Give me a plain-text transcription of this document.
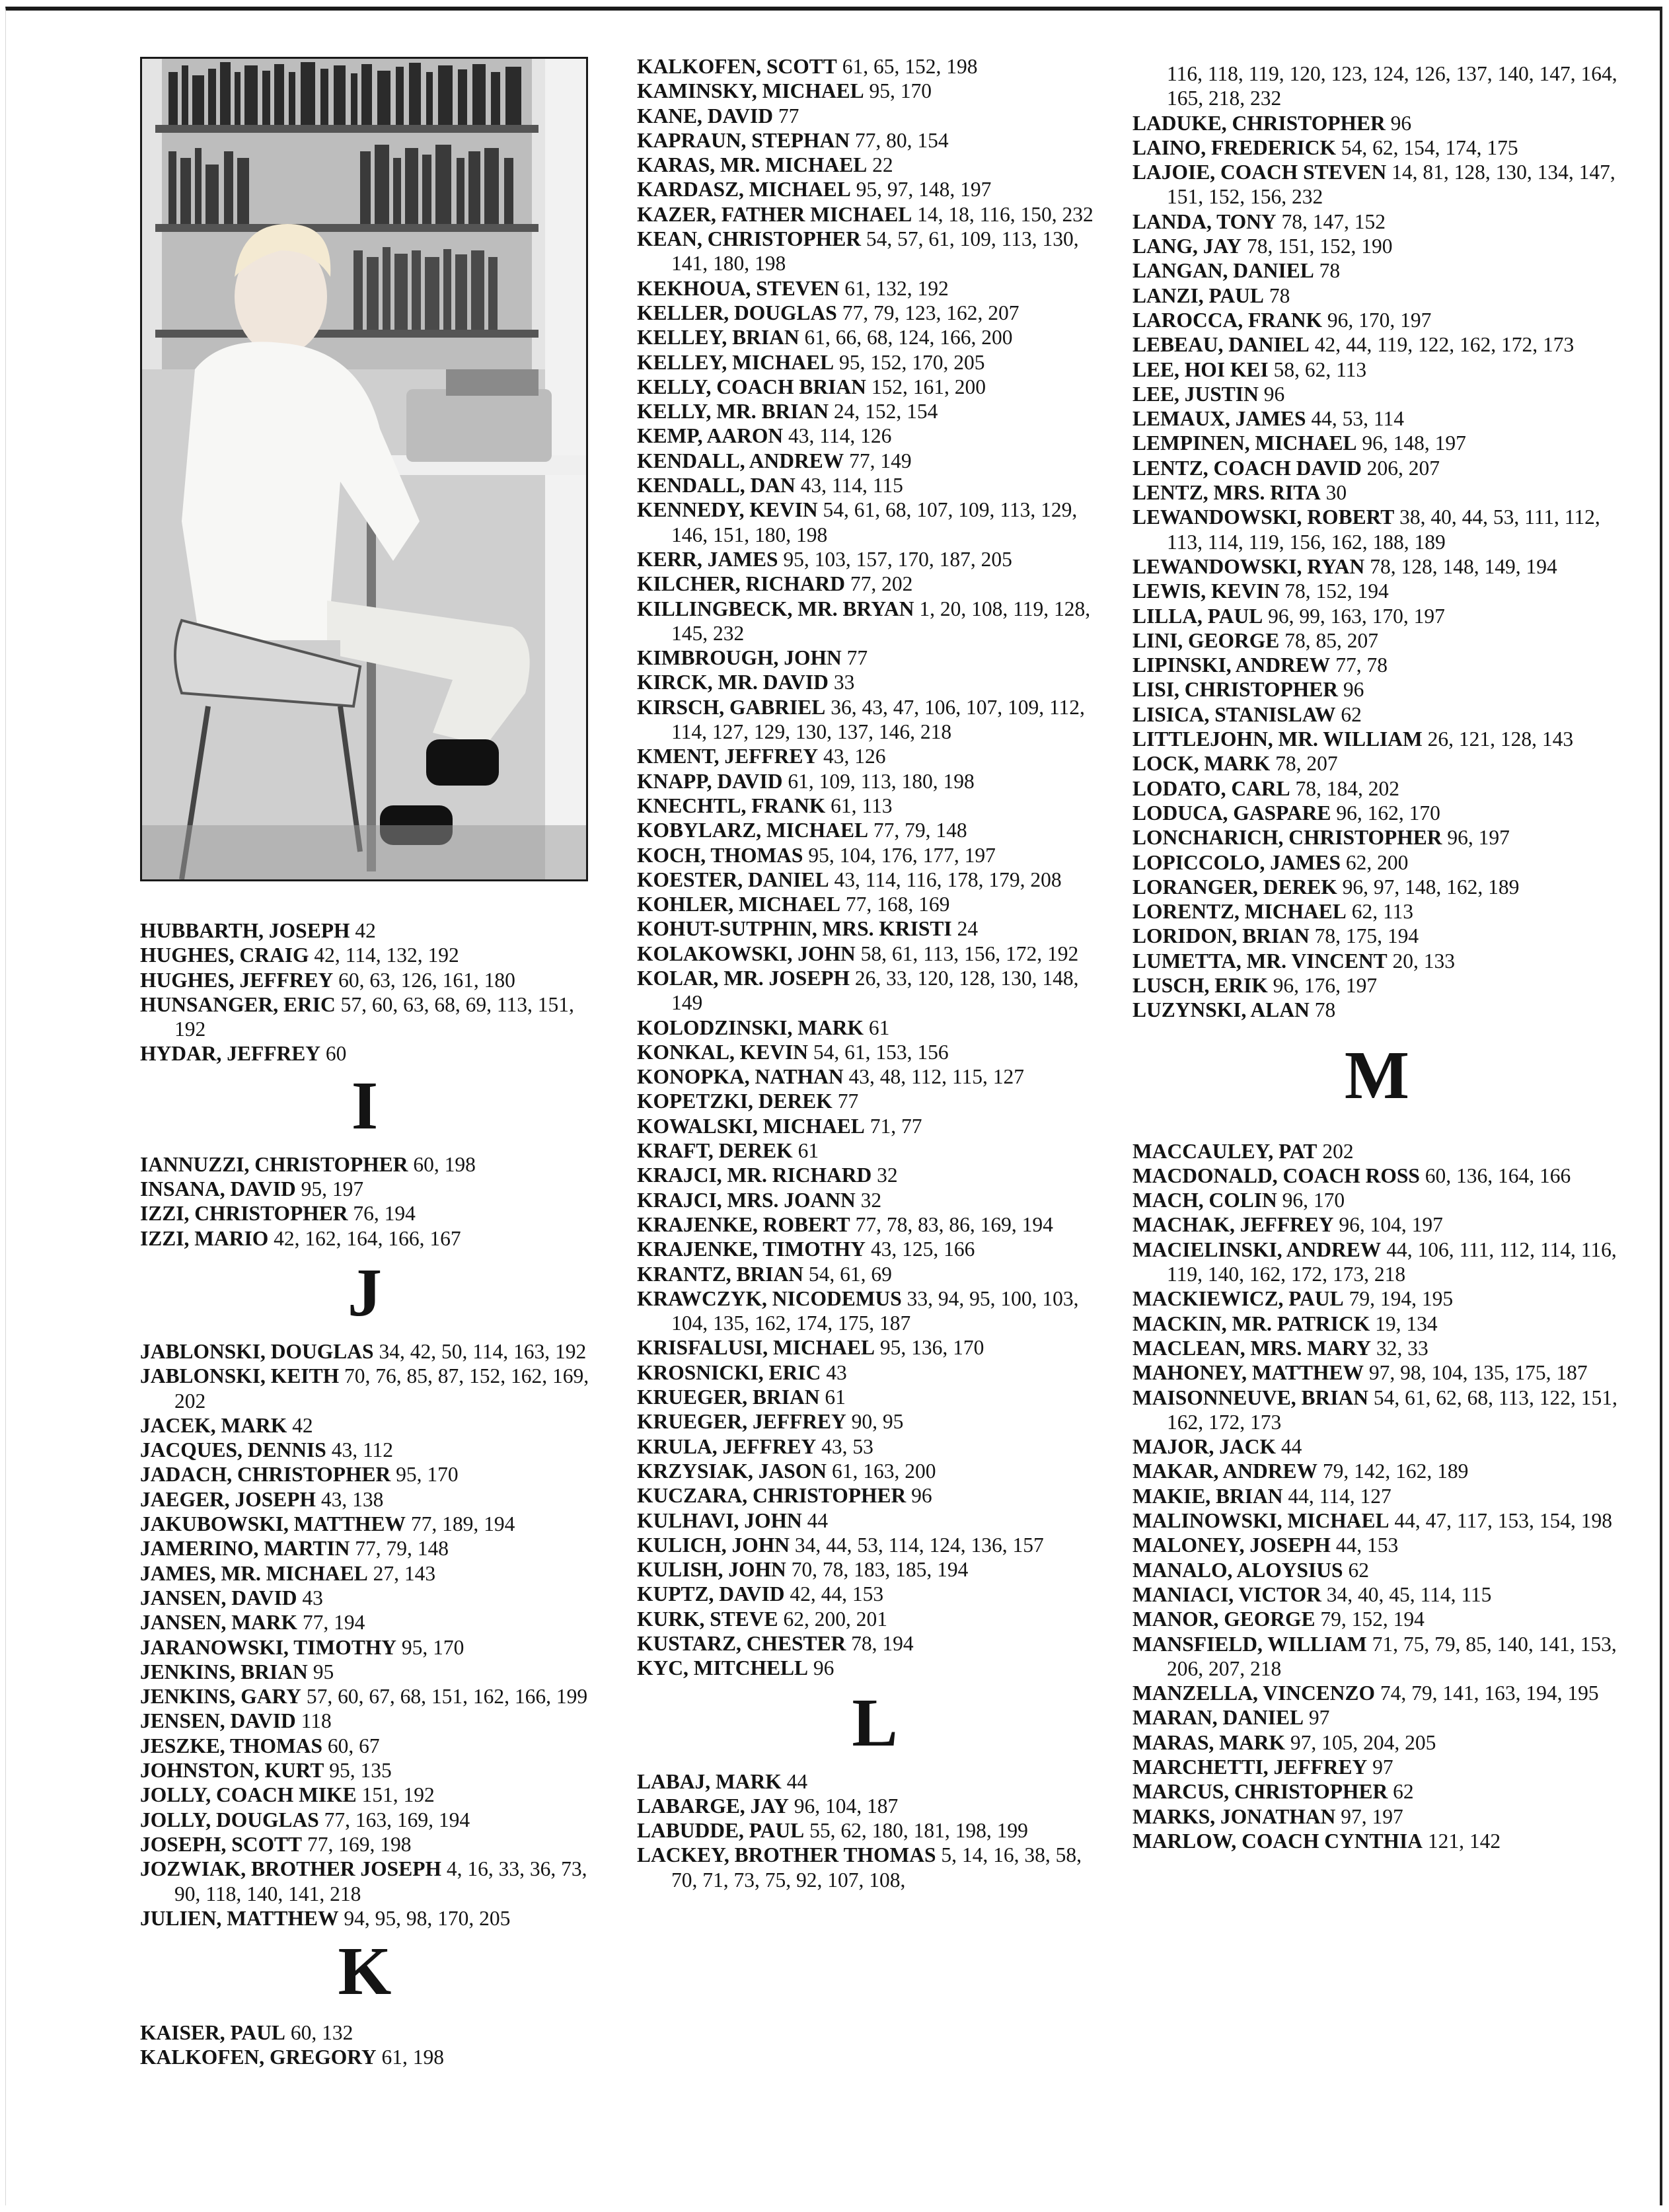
HUBBARTH, JOSEPH 42
HUGHES, CRAIG 42, 114, 132, 192
HUGHES, JEFFREY 60, 63, 126, 161, 180
HUNSANGER, ERIC 57, 60, 63, 68, 69, 113, 151, 192
HYDAR, JEFFREY 60
I
IANNUZZI, CHRISTOPHER 60, 198
INSANA, DAVID 95, 197
IZZI, CHRISTOPHER 76, 194
IZZI, MARIO 42, 162, 164, 166, 167
J
JABLONSKI, DOUGLAS 34, 42, 50, 114, 163, 192
JABLONSKI, KEITH 70, 76, 85, 87, 152, 162, 169, 202
JACEK, MARK 42
JACQUES, DENNIS 43, 112
JADACH, CHRISTOPHER 95, 170
JAEGER, JOSEPH 43, 138
JAKUBOWSKI, MATTHEW 77, 189, 194
JAMERINO, MARTIN 77, 79, 148
JAMES, MR. MICHAEL 27, 143
JANSEN, DAVID 43
JANSEN, MARK 77, 194
JARANOWSKI, TIMOTHY 95, 170
JENKINS, BRIAN 95
JENKINS, GARY 57, 60, 67, 68, 151, 162, 166, 199
JENSEN, DAVID 118
JESZKE, THOMAS 60, 67
JOHNSTON, KURT 95, 135
JOLLY, COACH MIKE 151, 192
JOLLY, DOUGLAS 77, 163, 169, 194
JOSEPH, SCOTT 77, 169, 198
JOZWIAK, BROTHER JOSEPH 4, 16, 33, 36, 73, 90, 118, 140, 141, 218
JULIEN, MATTHEW 94, 95, 98, 170, 205
K
KAISER, PAUL 60, 132
KALKOFEN, GREGORY 61, 198
KALKOFEN, SCOTT 61, 65, 152, 198
KAMINSKY, MICHAEL 95, 170
KANE, DAVID 77
KAPRAUN, STEPHAN 77, 80, 154
KARAS, MR. MICHAEL 22
KARDASZ, MICHAEL 95, 97, 148, 197
KAZER, FATHER MICHAEL 14, 18, 116, 150, 232
KEAN, CHRISTOPHER 54, 57, 61, 109, 113, 130, 141, 180, 198
KEKHOUA, STEVEN 61, 132, 192
KELLER, DOUGLAS 77, 79, 123, 162, 207
KELLEY, BRIAN 61, 66, 68, 124, 166, 200
KELLEY, MICHAEL 95, 152, 170, 205
KELLY, COACH BRIAN 152, 161, 200
KELLY, MR. BRIAN 24, 152, 154
KEMP, AARON 43, 114, 126
KENDALL, ANDREW 77, 149
KENDALL, DAN 43, 114, 115
KENNEDY, KEVIN 54, 61, 68, 107, 109, 113, 129, 146, 151, 180, 198
KERR, JAMES 95, 103, 157, 170, 187, 205
KILCHER, RICHARD 77, 202
KILLINGBECK, MR. BRYAN 1, 20, 108, 119, 128, 145, 232
KIMBROUGH, JOHN 77
KIRCK, MR. DAVID 33
KIRSCH, GABRIEL 36, 43, 47, 106, 107, 109, 112, 114, 127, 129, 130, 137, 146, 218
KMENT, JEFFREY 43, 126
KNAPP, DAVID 61, 109, 113, 180, 198
KNECHTL, FRANK 61, 113
KOBYLARZ, MICHAEL 77, 79, 148
KOCH, THOMAS 95, 104, 176, 177, 197
KOESTER, DANIEL 43, 114, 116, 178, 179, 208
KOHLER, MICHAEL 77, 168, 169
KOHUT-SUTPHIN, MRS. KRISTI 24
KOLAKOWSKI, JOHN 58, 61, 113, 156, 172, 192
KOLAR, MR. JOSEPH 26, 33, 120, 128, 130, 148, 149
KOLODZINSKI, MARK 61
KONKAL, KEVIN 54, 61, 153, 156
KONOPKA, NATHAN 43, 48, 112, 115, 127
KOPETZKI, DEREK 77
KOWALSKI, MICHAEL 71, 77
KRAFT, DEREK 61
KRAJCI, MR. RICHARD 32
KRAJCI, MRS. JOANN 32
KRAJENKE, ROBERT 77, 78, 83, 86, 169, 194
KRAJENKE, TIMOTHY 43, 125, 166
KRANTZ, BRIAN 54, 61, 69
KRAWCZYK, NICODEMUS 33, 94, 95, 100, 103, 104, 135, 162, 174, 175, 187
KRISFALUSI, MICHAEL 95, 136, 170
KROSNICKI, ERIC 43
KRUEGER, BRIAN 61
KRUEGER, JEFFREY 90, 95
KRULA, JEFFREY 43, 53
KRZYSIAK, JASON 61, 163, 200
KUCZARA, CHRISTOPHER 96
KULHAVI, JOHN 44
KULICH, JOHN 34, 44, 53, 114, 124, 136, 157
KULISH, JOHN 70, 78, 183, 185, 194
KUPTZ, DAVID 42, 44, 153
KURK, STEVE 62, 200, 201
KUSTARZ, CHESTER 78, 194
KYC, MITCHELL 96
L
LABAJ, MARK 44
LABARGE, JAY 96, 104, 187
LABUDDE, PAUL 55, 62, 180, 181, 198, 199
LACKEY, BROTHER THOMAS 5, 14, 16, 38, 58, 70, 71, 73, 75, 92, 107, 108,
116, 118, 119, 120, 123, 124, 126, 137, 140, 147, 164, 165, 218, 232
LADUKE, CHRISTOPHER 96
LAINO, FREDERICK 54, 62, 154, 174, 175
LAJOIE, COACH STEVEN 14, 81, 128, 130, 134, 147, 151, 152, 156, 232
LANDA, TONY 78, 147, 152
LANG, JAY 78, 151, 152, 190
LANGAN, DANIEL 78
LANZI, PAUL 78
LAROCCA, FRANK 96, 170, 197
LEBEAU, DANIEL 42, 44, 119, 122, 162, 172, 173
LEE, HOI KEI 58, 62, 113
LEE, JUSTIN 96
LEMAUX, JAMES 44, 53, 114
LEMPINEN, MICHAEL 96, 148, 197
LENTZ, COACH DAVID 206, 207
LENTZ, MRS. RITA 30
LEWANDOWSKI, ROBERT 38, 40, 44, 53, 111, 112, 113, 114, 119, 156, 162, 188, 189
LEWANDOWSKI, RYAN 78, 128, 148, 149, 194
LEWIS, KEVIN 78, 152, 194
LILLA, PAUL 96, 99, 163, 170, 197
LINI, GEORGE 78, 85, 207
LIPINSKI, ANDREW 77, 78
LISI, CHRISTOPHER 96
LISICA, STANISLAW 62
LITTLEJOHN, MR. WILLIAM 26, 121, 128, 143
LOCK, MARK 78, 207
LODATO, CARL 78, 184, 202
LODUCA, GASPARE 96, 162, 170
LONCHARICH, CHRISTOPHER 96, 197
LOPICCOLO, JAMES 62, 200
LORANGER, DEREK 96, 97, 148, 162, 189
LORENTZ, MICHAEL 62, 113
LORIDON, BRIAN 78, 175, 194
LUMETTA, MR. VINCENT 20, 133
LUSCH, ERIK 96, 176, 197
LUZYNSKI, ALAN 78
M
MACCAULEY, PAT 202
MACDONALD, COACH ROSS 60, 136, 164, 166
MACH, COLIN 96, 170
MACHAK, JEFFREY 96, 104, 197
MACIELINSKI, ANDREW 44, 106, 111, 112, 114, 116, 119, 140, 162, 172, 173, 218
MACKIEWICZ, PAUL 79, 194, 195
MACKIN, MR. PATRICK 19, 134
MACLEAN, MRS. MARY 32, 33
MAHONEY, MATTHEW 97, 98, 104, 135, 175, 187
MAISONNEUVE, BRIAN 54, 61, 62, 68, 113, 122, 151, 162, 172, 173
MAJOR, JACK 44
MAKAR, ANDREW 79, 142, 162, 189
MAKIE, BRIAN 44, 114, 127
MALINOWSKI, MICHAEL 44, 47, 117, 153, 154, 198
MALONEY, JOSEPH 44, 153
MANALO, ALOYSIUS 62
MANIACI, VICTOR 34, 40, 45, 114, 115
MANOR, GEORGE 79, 152, 194
MANSFIELD, WILLIAM 71, 75, 79, 85, 140, 141, 153, 206, 207, 218
MANZELLA, VINCENZO 74, 79, 141, 163, 194, 195
MARAN, DANIEL 97
MARAS, MARK 97, 105, 204, 205
MARCHETTI, JEFFREY 97
MARCUS, CHRISTOPHER 62
MARKS, JONATHAN 97, 197
MARLOW, COACH CYNTHIA 121, 142
